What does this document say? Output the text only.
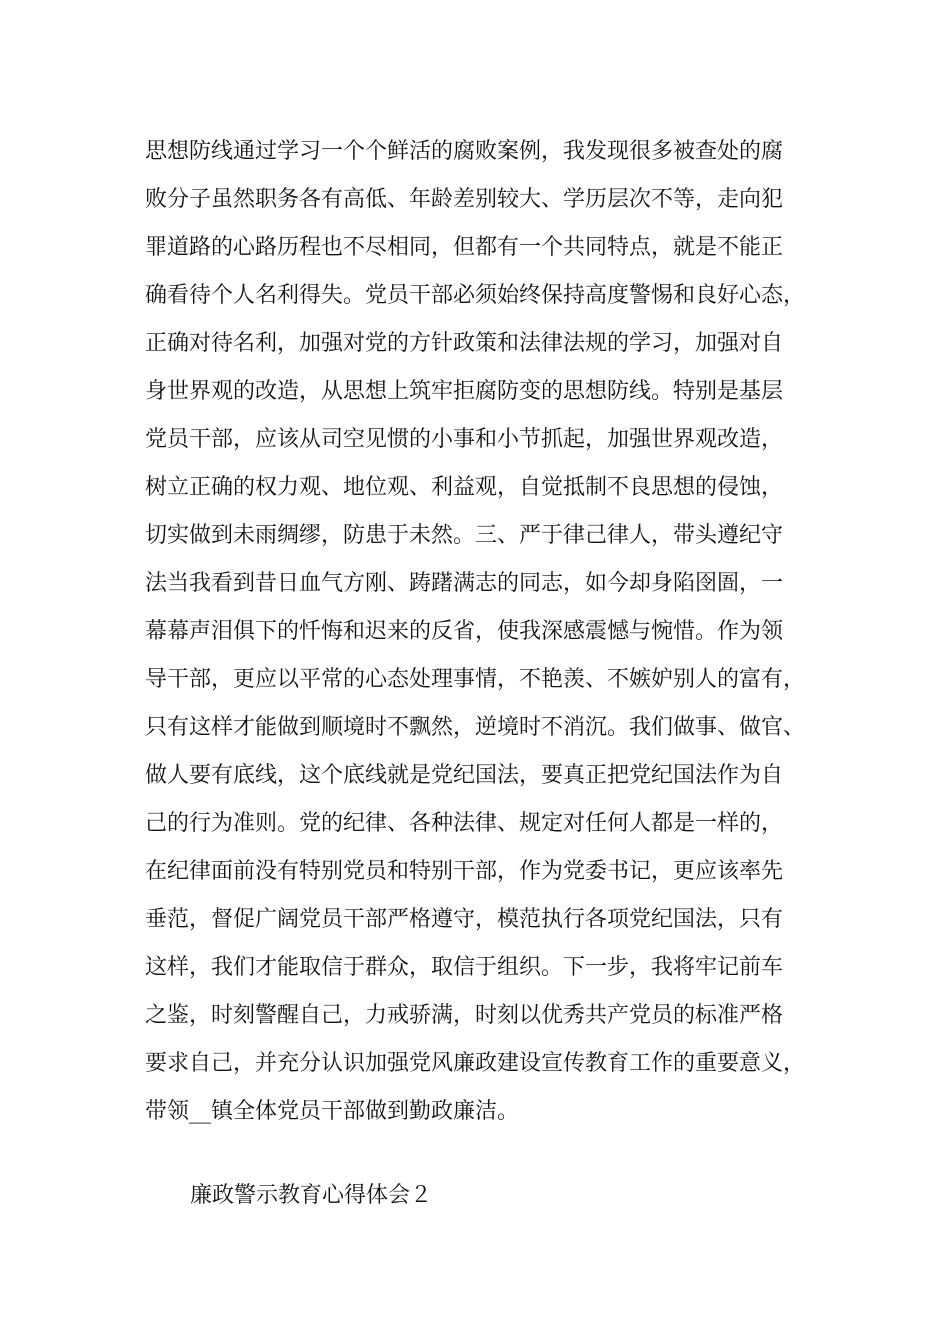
思想防线通过学习一个个鲜活的腐败案例，我发现很多被查处的腐
败分子虽然职务各有高低、年龄差别较大、学历层次不等，走向犯
罪道路的心路历程也不尽相同，但都有一个共同特点，就是不能正
确看待个人名利得失。党员干部必须始终保持高度警惕和良好心态，
正确对待名利，加强对党的方针政策和法律法规的学习，加强对自
身世界观的改造，从思想上筑牢拒腐防变的思想防线。特别是基层
党员干部，应该从司空见惯的小事和小节抓起，加强世界观改造，
树立正确的权力观、地位观、利益观，自觉抵制不良思想的侵蚀，
切实做到未雨绸缪，防患于未然。三、严于律己律人，带头遵纪守
法当我看到昔日血气方刚、踌躇满志的同志，如今却身陷囹圄，一
幕幕声泪俱下的忏悔和迟来的反省，使我深感震憾与惋惜。作为领
导干部，更应以平常的心态处理事情，不艳羡、不嫉妒别人的富有，
只有这样才能做到顺境时不飘然，逆境时不消沉。我们做事、做官、
做人要有底线，这个底线就是党纪国法，要真正把党纪国法作为自
己的行为准则。党的纪律、各种法律、规定对任何人都是一样的，
在纪律面前没有特别党员和特别干部，作为党委书记，更应该率先
垂范，督促广阔党员干部严格遵守，模范执行各项党纪国法，只有
这样，我们才能取信于群众，取信于组织。下一步，我将牢记前车
之鉴，时刻警醒自己，力戒骄满，时刻以优秀共产党员的标准严格
要求自己，并充分认识加强党风廉政建设宣传教育工作的重要意义，
带领__镇全体党员干部做到勤政廉洁。
廉政警示教育心得体会２
